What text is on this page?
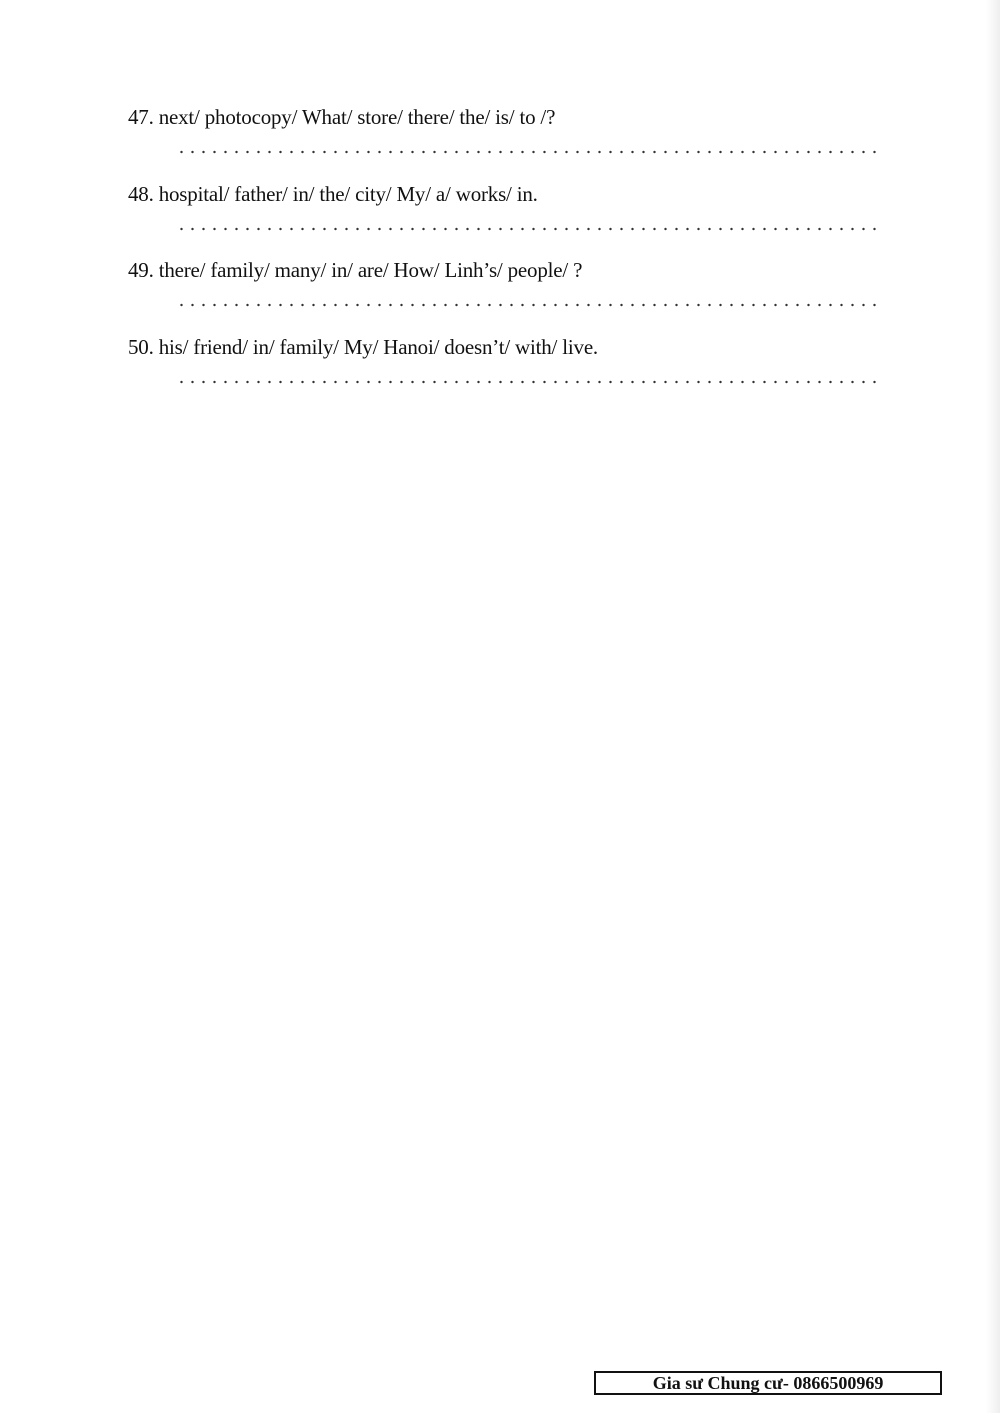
47. next/ photocopy/ What/ store/ there/ the/ is/ to /?
48. hospital/ father/ in/ the/ city/ My/ a/ works/ in.
49. there/ family/ many/ in/ are/ How/ Linh’s/ people/ ?
50. his/ friend/ in/ family/ My/ Hanoi/ doesn’t/ with/ live.
Gia sư Chung cư- 0866500969
